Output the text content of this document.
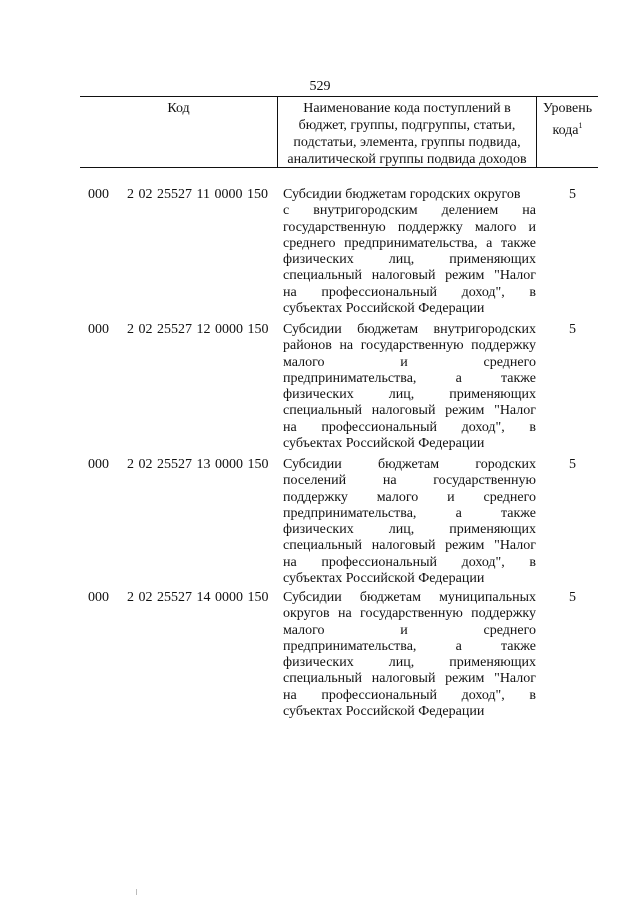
529
Код	Наименование кода поступлений в
бюджет, группы, подгруппы, статьи,
подстатьи, элемента, группы подвида,
аналитической группы подвида доходов
Уровень
кода$^1$
000 2 02 25527 11 0000 150 Субсидии бюджетам городских округов
с внутригородским делением на
государственную поддержку малого и
среднего предпринимательства, а также
физических лиц, применяющих
специальный налоговый режим "Налог
на профессиональный доход", в
субъектах Российской Федерации
5
000 2 02 25527 12 0000 150 Субсидии бюджетам внутригородских
районов на государственную поддержку
малого и среднего
предпринимательства, а также
физических лиц, применяющих
специальный налоговый режим "Налог
на профессиональный доход", в
субъектах Российской Федерации
5
000 2 02 25527 13 0000 150 Субсидии бюджетам городских
поселений на государственную
поддержку малого и среднего
предпринимательства, а также
физических лиц, применяющих
специальный налоговый режим "Налог
на профессиональный доход", в
субъектах Российской Федерации
5
000 2 02 25527 14 0000 150 Субсидии бюджетам муниципальных
округов на государственную поддержку
малого и среднего
предпринимательства, а также
физических лиц, применяющих
специальный налоговый режим "Налог
на профессиональный доход", в
субъектах Российской Федерации
5
